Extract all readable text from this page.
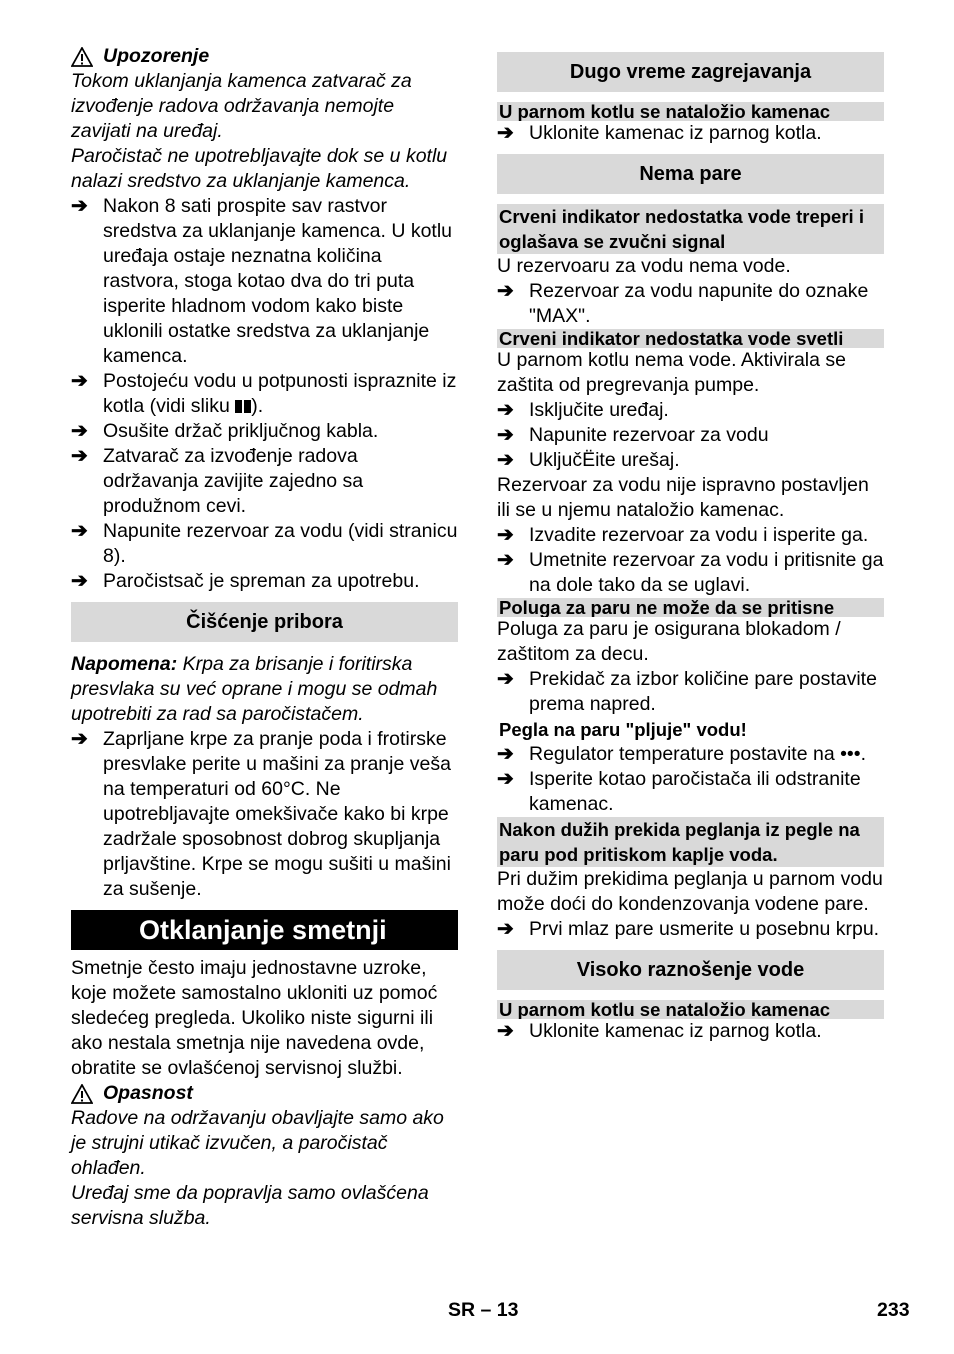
Upozorenje

Tokom uklanjanja kamenca zatvarač za izvođenje radova održavanja nemojte zavijati na uređaj.

Paročistač ne upotrebljavajte dok se u kotlu nalazi sredstvo za uklanjanje kamenca.

➔ Nakon 8 sati prospite sav rastvor sredstva za uklanjanje kamenca. U kotlu uređaja ostaje neznatna količina rastvora, stoga kotao dva do tri puta isperite hladnom vodom kako biste uklonili ostatke sredstva za uklanjanje kamenca.
➔ Postojeću vodu u potpunosti ispraznite iz kotla (vidi sliku ).
➔ Osušite držač priključnog kabla.
➔ Zatvarač za izvođenje radova održavanja zavijite zajedno sa produžnom cevi.
➔ Napunite rezervoar za vodu (vidi stranicu 8).
➔ Paročistsač je spreman za upotrebu.
Čišćenje pribora

Napomena: Krpa za brisanje i foritirska presvlaka su već oprane i mogu se odmah upotrebiti za rad sa paročistačem.

➔ Zaprljane krpe za pranje poda i frotirske presvlake perite u mašini za pranje veša na temperaturi od 60°C. Ne upotrebljavajte omekšivače kako bi krpe zadržale sposobnost dobrog skupljanja prljavštine. Krpe se mogu sušiti u mašini za sušenje.
Otklanjanje smetnji

Smetnje često imaju jednostavne uzroke, koje možete samostalno ukloniti uz pomoć sledećeg pregleda. Ukoliko niste sigurni ili ako nestala smetnja nije navedena ovde, obratite se ovlašćenoj servisnoj službi.

Opasnost

Radove na održavanju obavljajte samo ako je strujni utikač izvučen, a paročistač ohlađen.

Uređaj sme da popravlja samo ovlašćena servisna služba.

Dugo vreme zagrejavanja
U parnom kotlu se nataložio kamenac
➔ Uklonite kamenac iz parnog kotla.
Nema pare
Crveni indikator nedostatka vode treperi i oglašava se zvučni signal

U rezervoaru za vodu nema vode.

➔ Rezervoar za vodu napunite do oznake "MAX".
Crveni indikator nedostatka vode svetli

U parnom kotlu nema vode. Aktivirala se zaštita od pregrevanja pumpe.

➔ Isključite uređaj.
➔ Napunite rezervoar za vodu
➔ UključËite urešaj.

Rezervoar za vodu nije ispravno postavljen ili se u njemu nataložio kamenac.

➔ Izvadite rezervoar za vodu i isperite ga.
➔ Umetnite rezervoar za vodu i pritisnite ga na dole tako da se uglavi.
Poluga za paru ne može da se pritisne

Poluga za paru je osigurana blokadom / zaštitom za decu.

➔ Prekidač za izbor količine pare postavite prema napred.
Pegla na paru "pljuje" vodu!
➔ Regulator temperature postavite na •••.
➔ Isperite kotao paročistača ili odstranite kamenac.
Nakon dužih prekida peglanja iz pegle na paru pod pritiskom kaplje voda.

Pri dužim prekidima peglanja u parnom vodu može doći do kondenzovanja vodene pare.

➔ Prvi mlaz pare usmerite u posebnu krpu.
Visoko raznošenje vode
U parnom kotlu se nataložio kamenac
➔ Uklonite kamenac iz parnog kotla.
SR – 13	233
